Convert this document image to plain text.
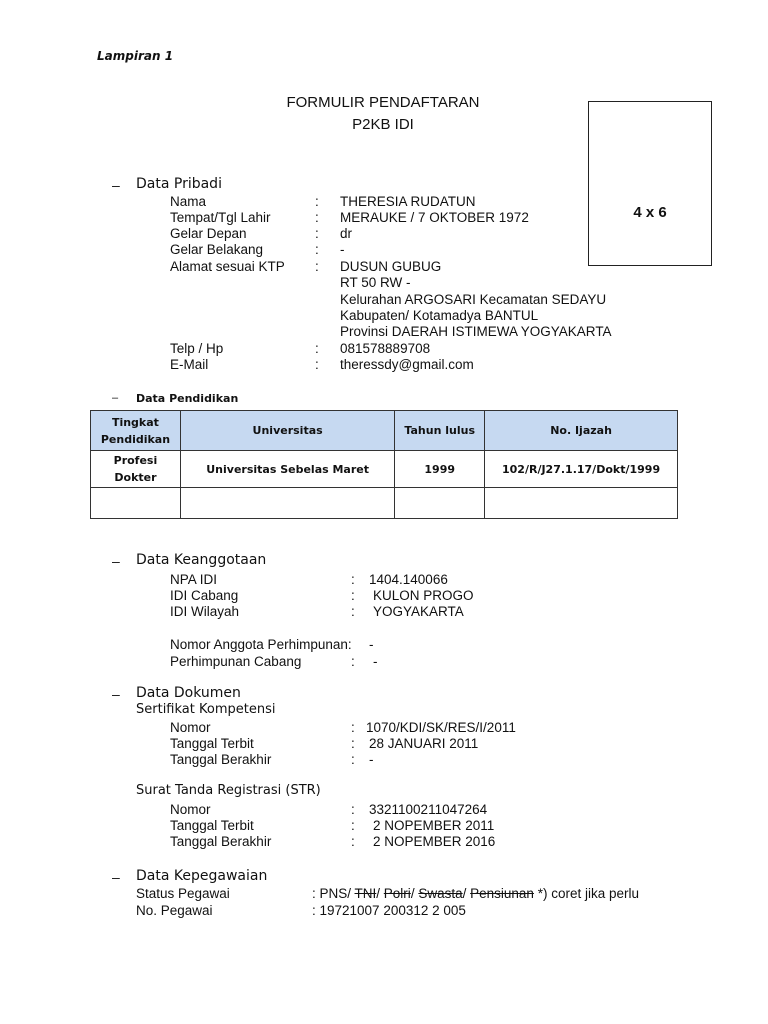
Lampiran 1
FORMULIR PENDAFTARAN
P2KB IDI
4 x 6
– Data Pribadi
Nama	: THERESIA RUDATUN
Tempat/Tgl Lahir	: MERAUKE / 7 OKTOBER 1972
Gelar Depan	: dr
Gelar Belakang	: -
Alamat sesuai KTP : DUSUN GUBUG
RT 50 RW -
Kelurahan ARGOSARI Kecamatan SEDAYU
Kabupaten/ Kotamadya BANTUL
Provinsi DAERAH ISTIMEWA YOGYAKARTA
Telp / Hp	: 081578889708
E-Mail	: theressdy@gmail.com
– Data Pendidikan
Tingkat Pendidikan	Universitas	Tahun lulus	No. Ijazah
Profesi Dokter	Universitas Sebelas Maret	1999	102/R/J27.1.17/Dokt/1999

– Data Keanggotaan
NPA IDI	: 1404.140066
IDI Cabang	: KULON PROGO
IDI Wilayah	: YOGYAKARTA
Nomor Anggota Perhimpunan: -
Perhimpunan Cabang	: -
– Data Dokumen
Sertifikat Kompetensi
Nomor	: 1070/KDI/SK/RES/I/2011
Tanggal Terbit	: 28 JANUARI 2011
Tanggal Berakhir	: -
Surat Tanda Registrasi (STR)
Nomor	: 3321100211047264
Tanggal Terbit	: 2 NOPEMBER 2011
Tanggal Berakhir	: 2 NOPEMBER 2016
– Data Kepegawaian
Status Pegawai	: PNS/ TNI/ Polri/ Swasta/ Pensiunan *) coret jika perlu
No. Pegawai	: 19721007 200312 2 005
